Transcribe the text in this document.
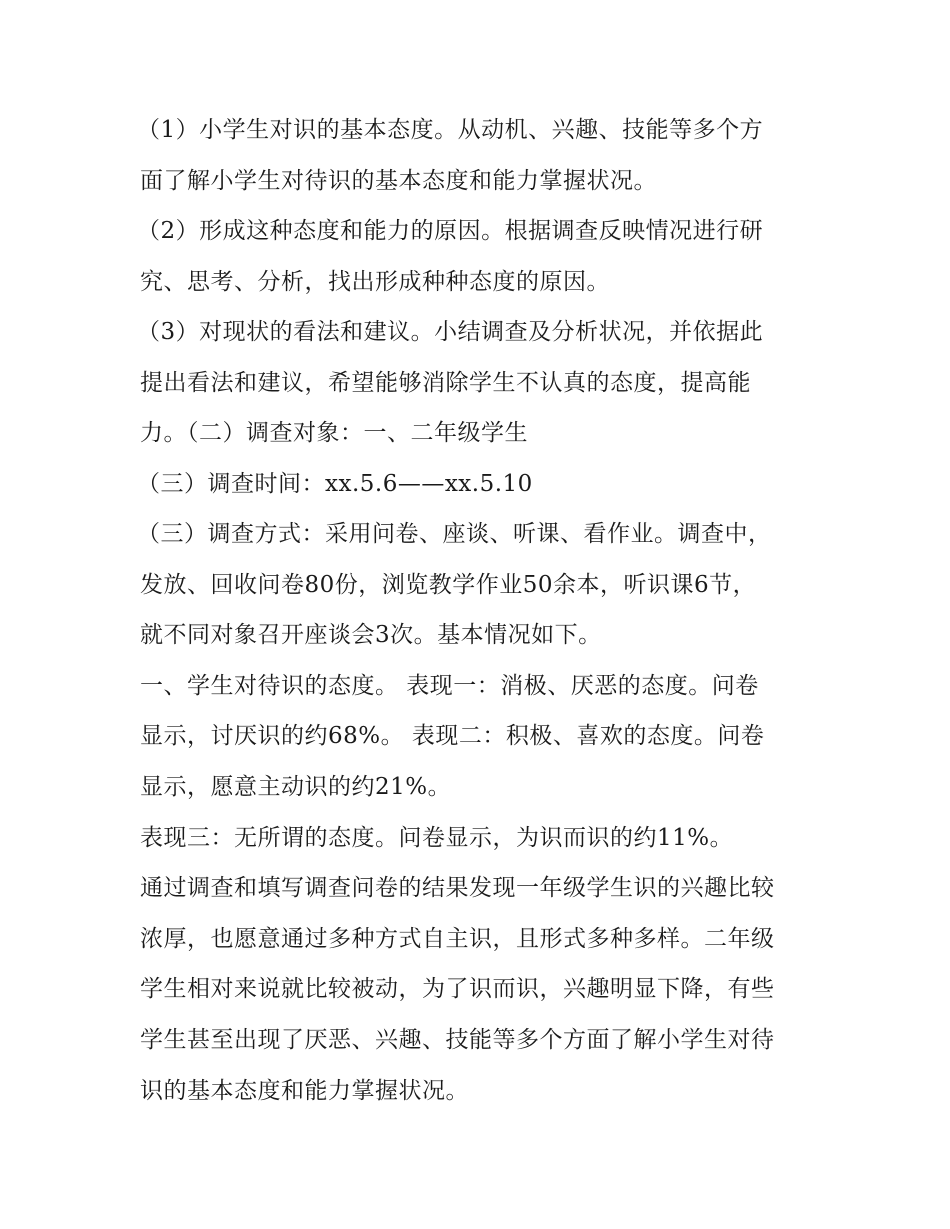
（1）小学生对识的基本态度。从动机、兴趣、技能等多个方
面了解小学生对待识的基本态度和能力掌握状况。
（2）形成这种态度和能力的原因。根据调查反映情况进行研
究、思考、分析，找出形成种种态度的原因。
（3）对现状的看法和建议。小结调查及分析状况，并依据此
提出看法和建议，希望能够消除学生不认真的态度，提高能
力。（二）调查对象：一、二年级学生
（三）调查时间：xx.5.6——xx.5.10
（三）调查方式：采用问卷、座谈、听课、看作业。调查中，
发放、回收问卷80份，浏览教学作业50余本，听识课6节，
就不同对象召开座谈会3次。基本情况如下。
一、学生对待识的态度。 表现一：消极、厌恶的态度。问卷
显示，讨厌识的约68%。 表现二：积极、喜欢的态度。问卷
显示，愿意主动识的约21%。
表现三：无所谓的态度。问卷显示，为识而识的约11%。
通过调查和填写调查问卷的结果发现一年级学生识的兴趣比较
浓厚，也愿意通过多种方式自主识，且形式多种多样。二年级
学生相对来说就比较被动，为了识而识，兴趣明显下降，有些
学生甚至出现了厌恶、兴趣、技能等多个方面了解小学生对待
识的基本态度和能力掌握状况。
